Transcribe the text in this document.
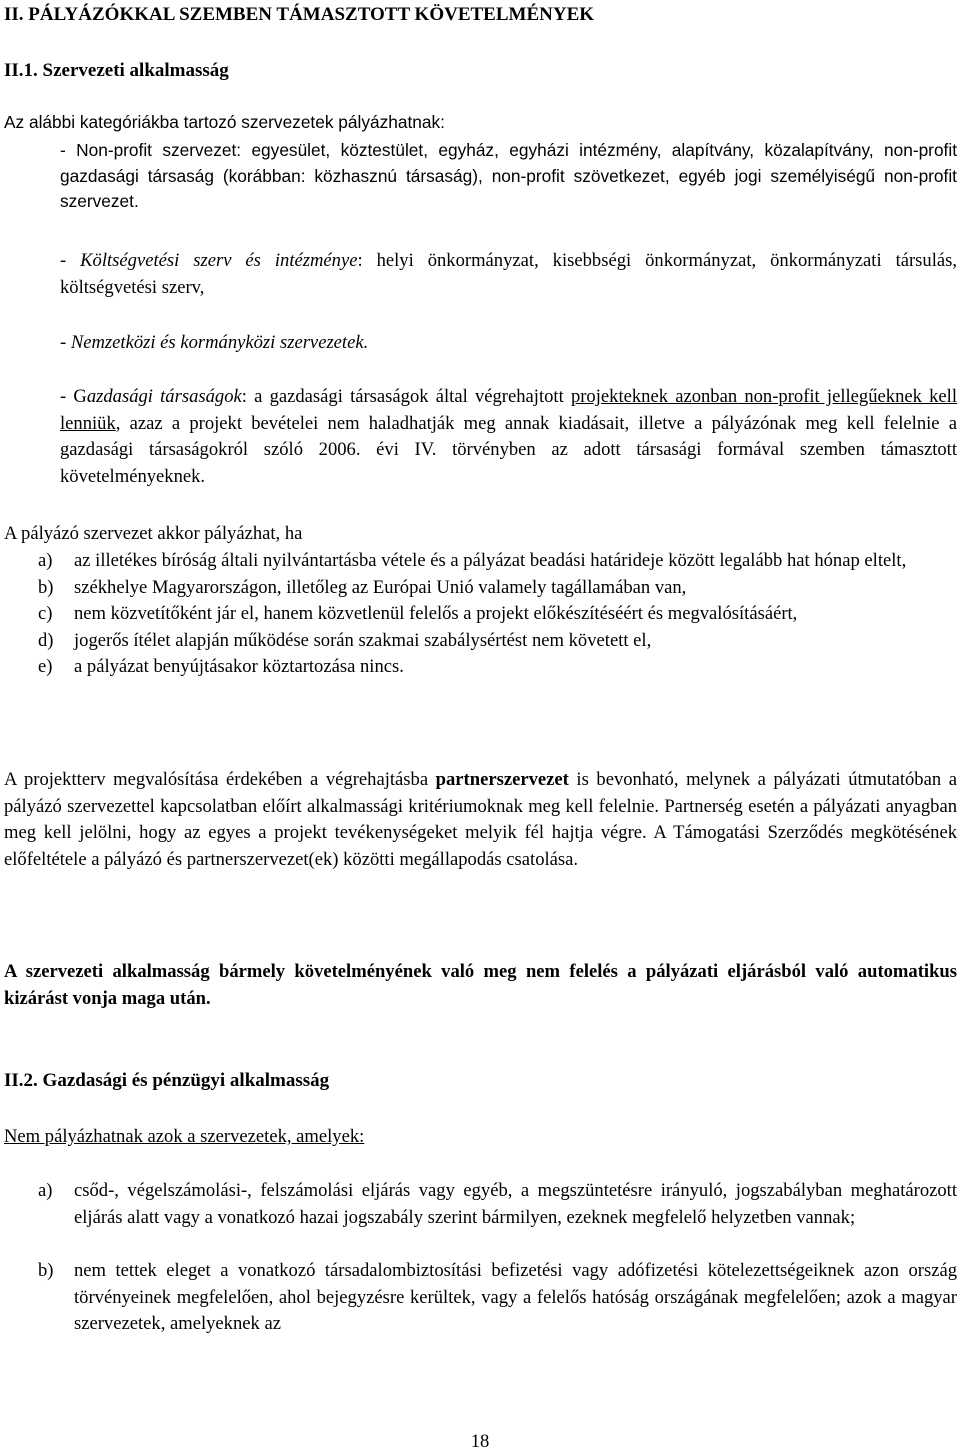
II. PÁLYÁZÓKKAL SZEMBEN TÁMASZTOTT KÖVETELMÉNYEK
II.1. Szervezeti alkalmasság
Az alábbi kategóriákba tartozó szervezetek pályázhatnak:
- Non-profit szervezet: egyesület, köztestület, egyház, egyházi intézmény, alapítvány, közalapítvány, non-profit gazdasági társaság (korábban: közhasznú társaság), non-profit szövetkezet, egyéb jogi személyiségű non-profit szervezet.
- Költségvetési szerv és intézménye: helyi önkormányzat, kisebbségi önkormányzat, önkormányzati társulás, költségvetési szerv,
- Nemzetközi és kormányközi szervezetek.
- Gazdasági társaságok: a gazdasági társaságok által végrehajtott projekteknek azonban non-profit jellegűeknek kell lenniük, azaz a projekt bevételei nem haladhatják meg annak kiadásait, illetve a pályázónak meg kell felelnie a gazdasági társaságokról szóló 2006. évi IV. törvényben az adott társasági formával szemben támasztott követelményeknek.
A pályázó szervezet akkor pályázhat, ha
a) az illetékes bíróság általi nyilvántartásba vétele és a pályázat beadási határideje között legalább hat hónap eltelt,
b) székhelye Magyarországon, illetőleg az Európai Unió valamely tagállamában van,
c) nem közvetítőként jár el, hanem közvetlenül felelős a projekt előkészítéséért és megvalósításáért,
d) jogerős ítélet alapján működése során szakmai szabálysértést nem követett el,
e) a pályázat benyújtásakor köztartozása nincs.
A projektterv megvalósítása érdekében a végrehajtásba partnerszervezet is bevonható, melynek a pályázati útmutatóban a pályázó szervezettel kapcsolatban előírt alkalmassági kritériumoknak meg kell felelnie. Partnerség esetén a pályázati anyagban meg kell jelölni, hogy az egyes a projekt tevékenységeket melyik fél hajtja végre. A Támogatási Szerződés megkötésének előfeltétele a pályázó és partnerszervezet(ek) közötti megállapodás csatolása.
A szervezeti alkalmasság bármely követelményének való meg nem felelés a pályázati eljárásból való automatikus kizárást vonja maga után.
II.2. Gazdasági és pénzügyi alkalmasság
Nem pályázhatnak azok a szervezetek, amelyek:
a) csőd-, végelszámolási-, felszámolási eljárás vagy egyéb, a megszüntetésre irányuló, jogszabályban meghatározott eljárás alatt vagy a vonatkozó hazai jogszabály szerint bármilyen, ezeknek megfelelő helyzetben vannak;
b) nem tettek eleget a vonatkozó társadalombiztosítási befizetési vagy adófizetési kötelezettségeiknek azon ország törvényeinek megfelelően, ahol bejegyzésre kerültek, vagy a felelős hatóság országának megfelelően; azok a magyar szervezetek, amelyeknek az
18
